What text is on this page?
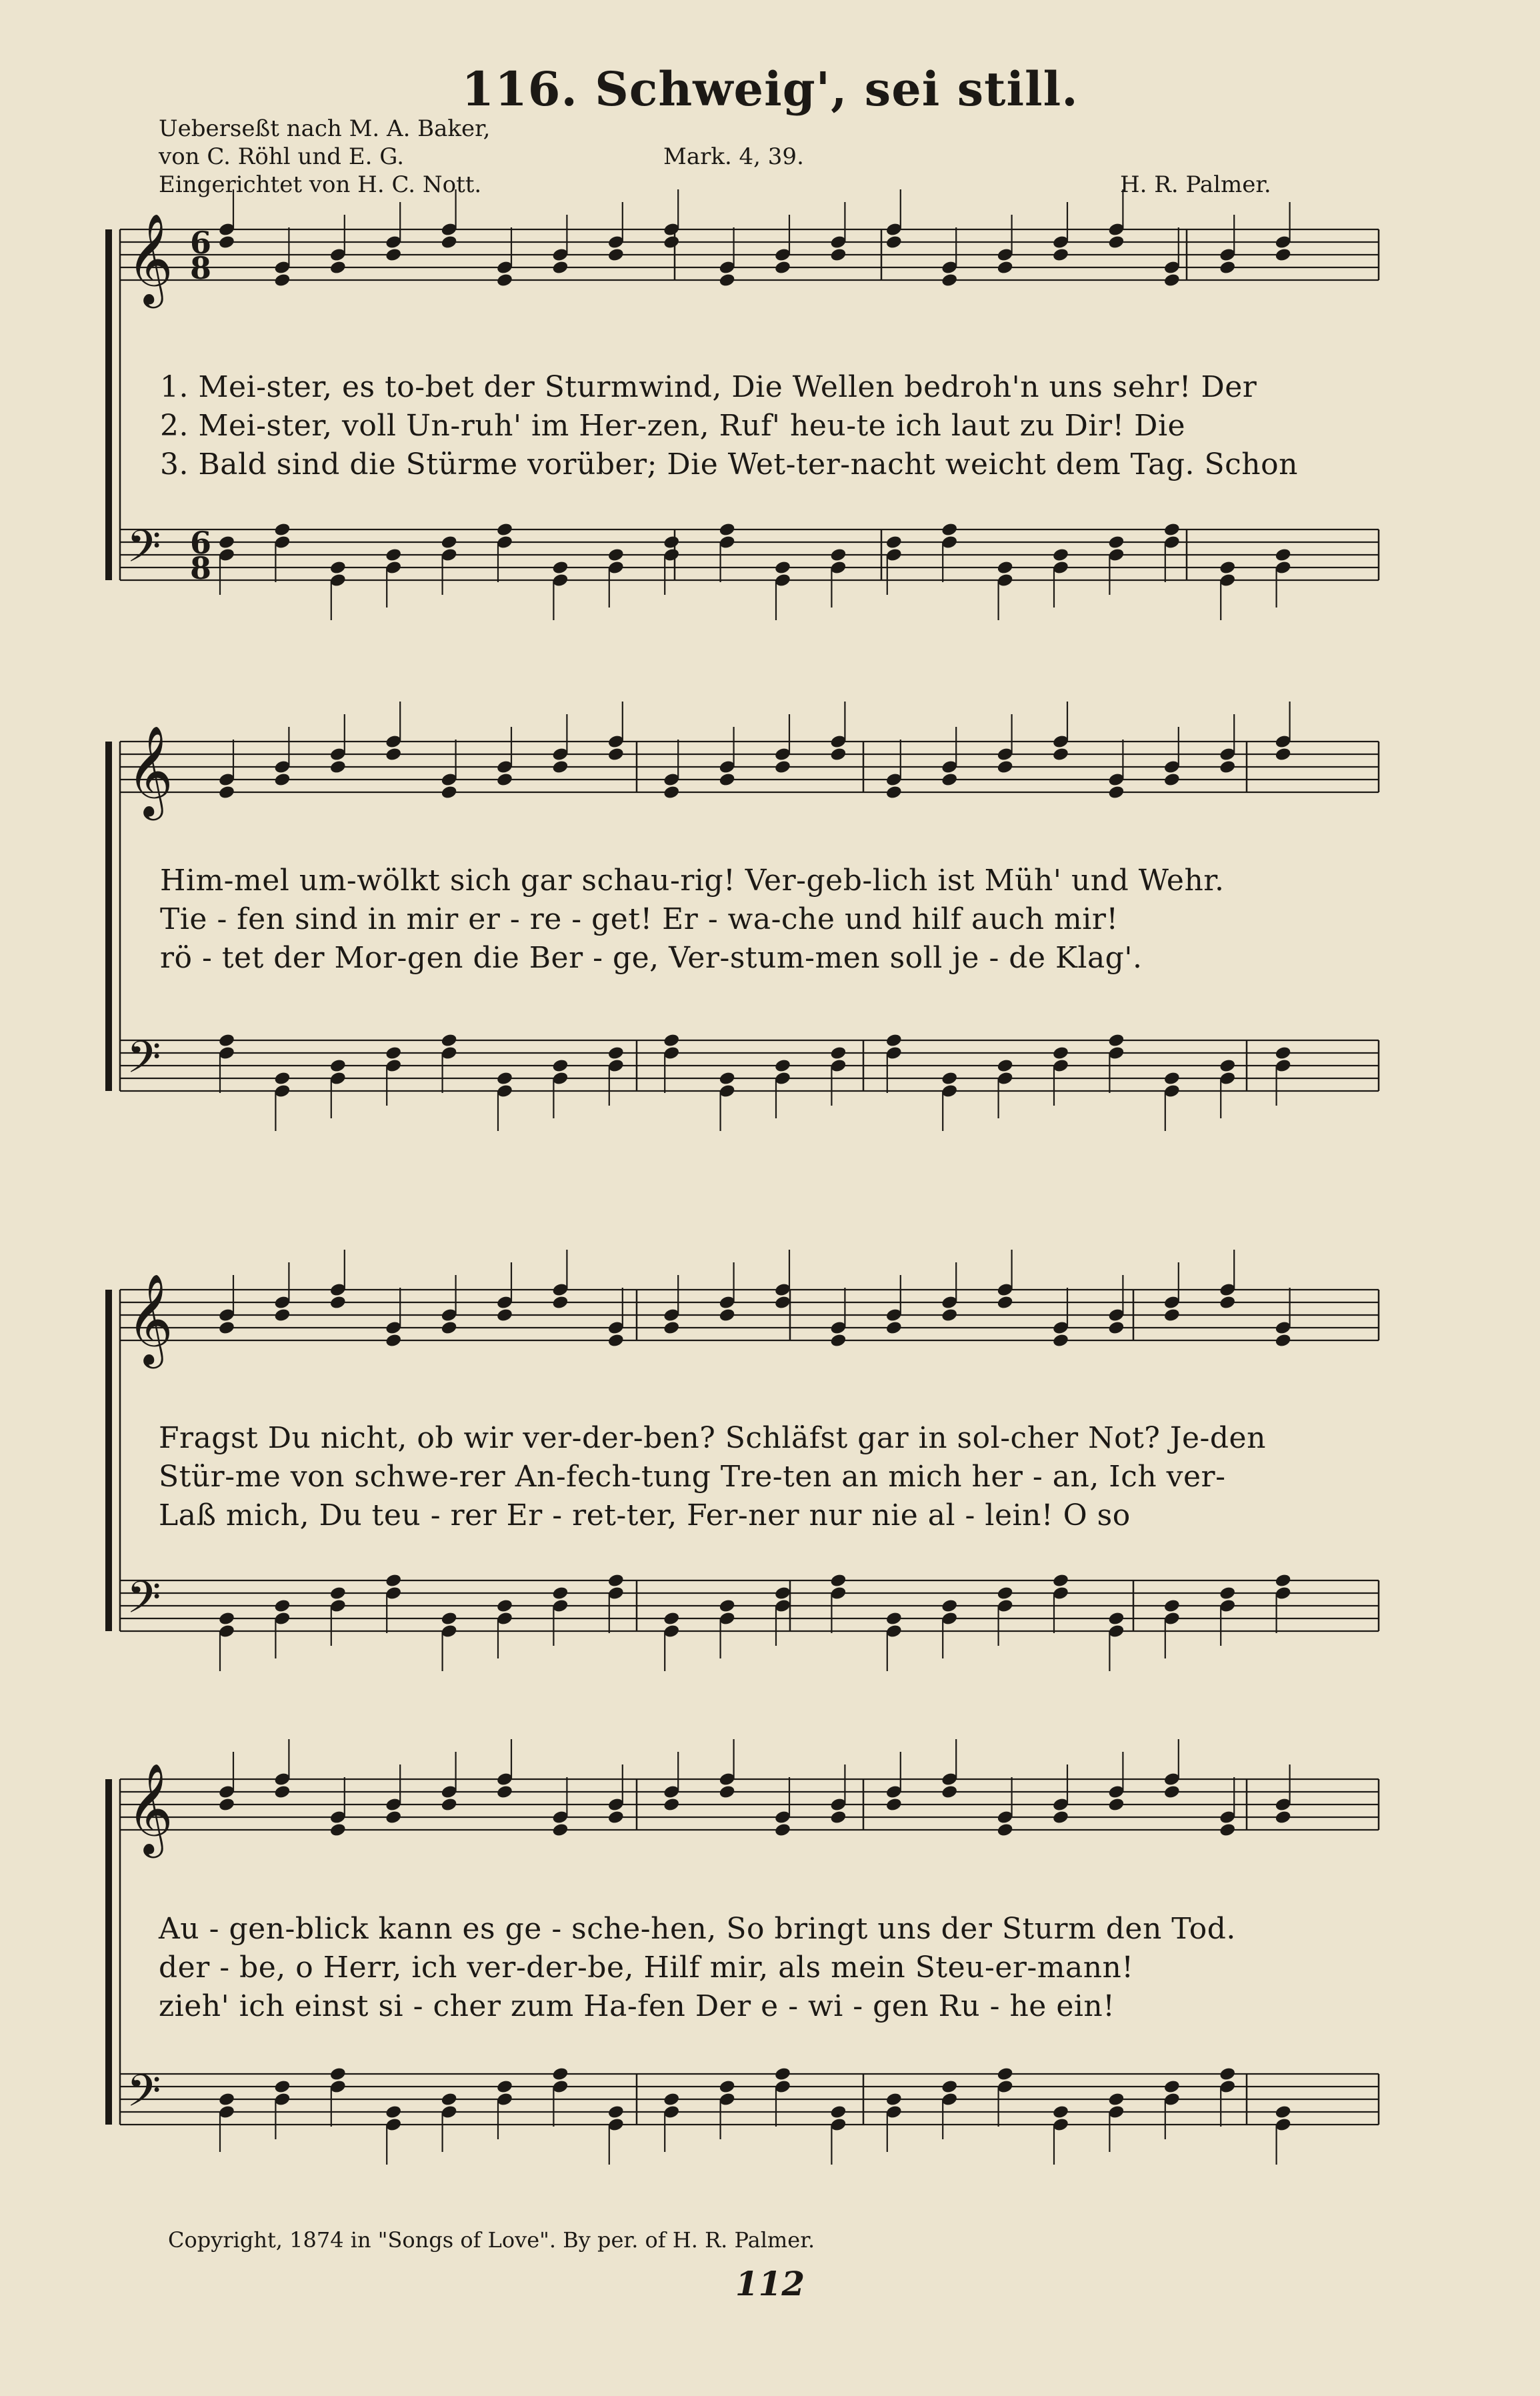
116. Schweig', sei still.
Ueberseßt nach M. A. Baker,
von C. Röhl und E. G.
Eingerichtet von H. C. Nott.
Mark. 4, 39.
H. R. Palmer.
𝄞
𝄢
𝄞
𝄢
𝄞
𝄢
𝄞
𝄢
6
8
6
8
1. Mei-ster, es to-bet der Sturmwind, Die Wellen bedroh'n uns sehr! Der
2. Mei-ster, voll Un-ruh' im Her-zen, Ruf' heu-te ich laut zu Dir! Die
3. Bald sind die Stürme vorüber; Die Wet-ter-nacht weicht dem Tag. Schon
Him-mel um-wölkt sich gar schau-rig! Ver-geb-lich ist Müh' und Wehr.
Tie - fen sind in mir er - re - get! Er - wa-che und hilf auch mir!
rö - tet der Mor-gen die Ber - ge, Ver-stum-men soll je - de Klag'.
Fragst Du nicht, ob wir ver-der-ben? Schläfst gar in sol-cher Not? Je-den
Stür-me von schwe-rer An-fech-tung Tre-ten an mich her - an, Ich ver-
Laß mich, Du teu - rer Er - ret-ter, Fer-ner nur nie al - lein! O so
Au - gen-blick kann es ge - sche-hen, So bringt uns der Sturm den Tod.
der - be, o Herr, ich ver-der-be, Hilf mir, als mein Steu-er-mann!
zieh' ich einst si - cher zum Ha-fen Der e - wi - gen Ru - he ein!
Copyright, 1874 in "Songs of Love". By per. of H. R. Palmer.
112
